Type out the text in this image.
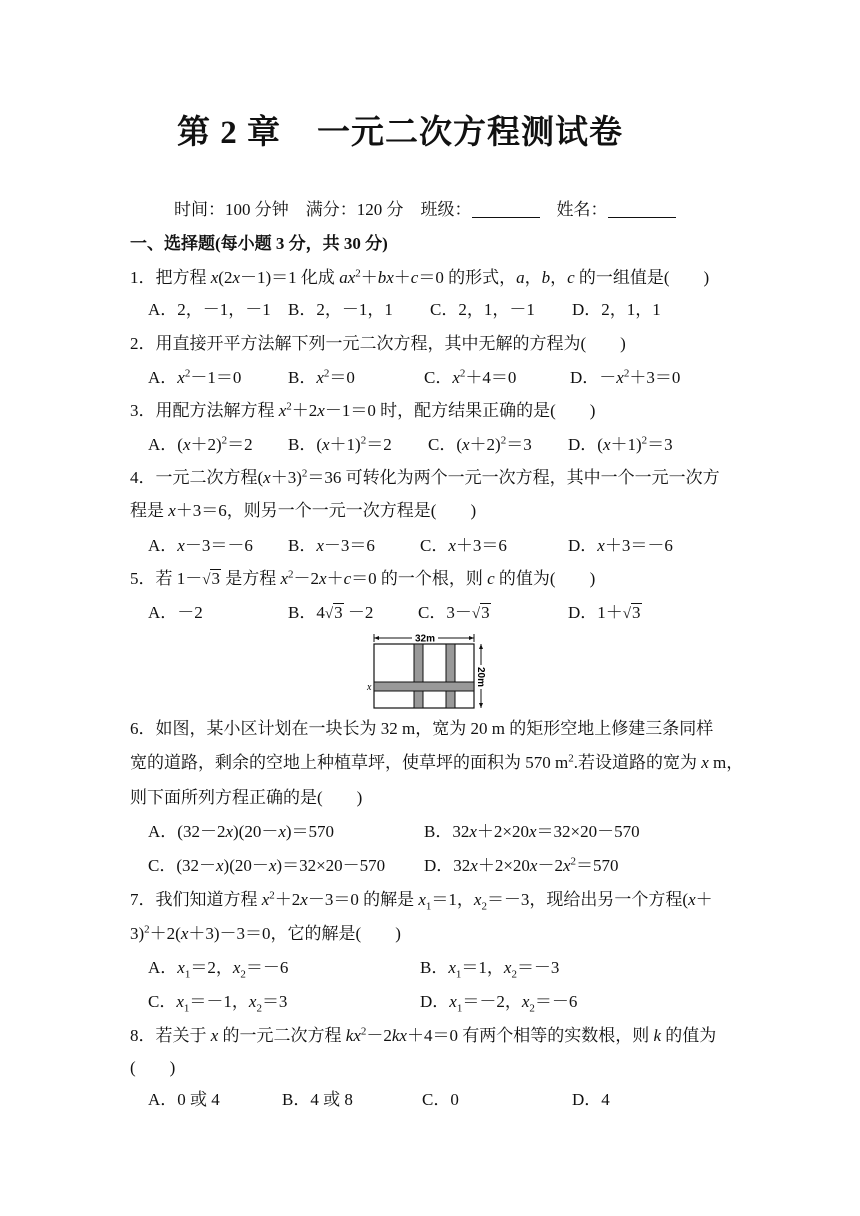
第 2 章 一元二次方程测试卷
时间：100 分钟 满分：120 分 班级：	姓名：
一、选择题(每小题 3 分，共 30 分)
1．把方程 x(2x－1)＝1 化成 $ax^2+bx+c=0$ 的形式，a，b，c 的一组值是(　　)
A．2，－1，－1 B．2，－1，1 C．2，1，－1 D．2，1，1
2．用直接开平方法解下列一元二次方程，其中无解的方程为(　　)
A．$x^2-1=0$	B．$x^2=0$	C．$x^2+4=0$	D．$-x^2+3=0$
3．用配方法解方程 $x^2+2x-1=0$ 时，配方结果正确的是(　　)
A．$(x+2)^2=2$ B．$(x+1)^2=2$ C．$(x+2)^2=3$ D．$(x+1)^2=3$
4．一元二次方程$(x+3)^2=36$ 可转化为两个一元一次方程，其中一个一元一次方
程是 x＋3＝6，则另一个一元一次方程是(　　)
A．x－3＝－6 B．x－3＝6	C．x＋3＝6	D．x＋3＝－6
5．若 1－√3 是方程 $x^2-2x+c=0$ 的一个根，则 c 的值为(　　)
A．－2	B．4√3 －2	C．3－√3	D．1＋√3
32m
20m
x
6．如图，某小区计划在一块长为 32 m，宽为 20 m 的矩形空地上修建三条同样
宽的道路，剩余的空地上种植草坪，使草坪的面积为 570 $m^2$.若设道路的宽为 x m，
则下面所列方程正确的是(　　)
A．(32－2x)(20－x)＝570	B．32x＋2×20x＝32×20－570
C．(32－x)(20－x)＝32×20－570 D．$32x+2\times 20x-2x^2=570$
7．我们知道方程 $x^2+2x-3=0$ 的解是 $x_1=1$，$x_2=-3$，现给出另一个方程(x＋
3)$^2$＋2(x＋3)－3＝0，它的解是(　　)
A．$x_1=2$，$x_2=-6$	B．$x_1=1$，$x_2=-3$
C．$x_1=-1$，$x_2=3$	D．$x_1=-2$，$x_2=-6$
8．若关于 x 的一元二次方程 $kx^2-2kx+4=0$ 有两个相等的实数根，则 k 的值为
(　　)
A．0 或 4	B．4 或 8	C．0	D．4
